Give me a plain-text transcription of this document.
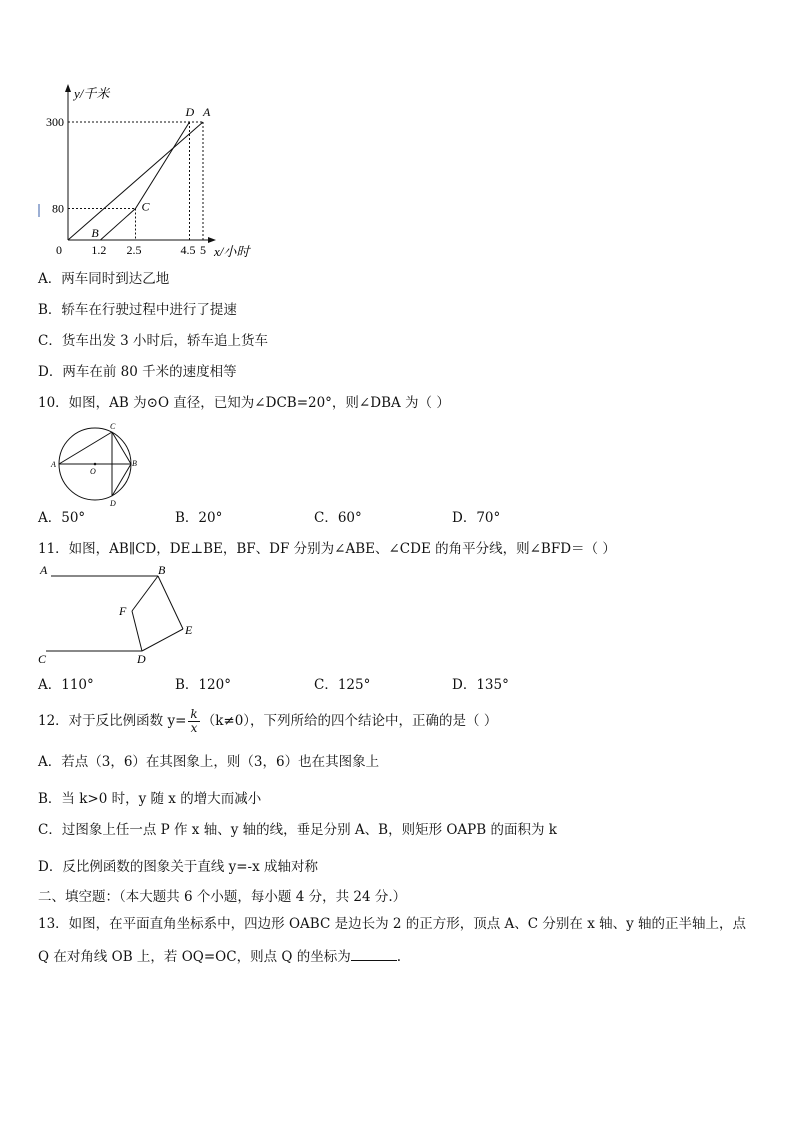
y/千米
x/小时
0 1.2 2.5	4.5 5
300
80
D A
C
B
A．两车同时到达乙地
B．轿车在行驶过程中进行了提速
C．货车出发 3 小时后，轿车追上货车
D．两车在前 80 千米的速度相等
10．如图，AB 为⊙O 直径，已知为∠DCB=20°，则∠DBA 为（ ）
A	B
C
D
O
A．50°	B．20°	C．60°	D．70°
11．如图，AB∥CD，DE⊥BE，BF、DF 分别为∠ABE、∠CDE 的角平分线，则∠BFD＝（ ）
A	B
C	D
E
F
A．110°	B．120°	C．125°	D．135°
12．对于反比例函数 $y= \frac{k}{x} (k\ne 0)$，下列所给的四个结论中，正确的是（ ）
A．若点（3，6）在其图象上，则（3，6）也在其图象上
B．当 k>0 时，y 随 x 的增大而减小
C．过图象上任一点 P 作 x 轴、y 轴的线，垂足分别 A、B，则矩形 OAPB 的面积为 k
D．反比例函数的图象关于直线 y=-x 成轴对称
二、填空题：（本大题共 6 个小题，每小题 4 分，共 24 分.）
13．如图，在平面直角坐标系中，四边形 OABC 是边长为 2 的正方形，顶点 A、C 分别在 x 轴、y 轴的正半轴上，点
Q 在对角线 OB 上，若 OQ=OC，则点 Q 的坐标为	.
